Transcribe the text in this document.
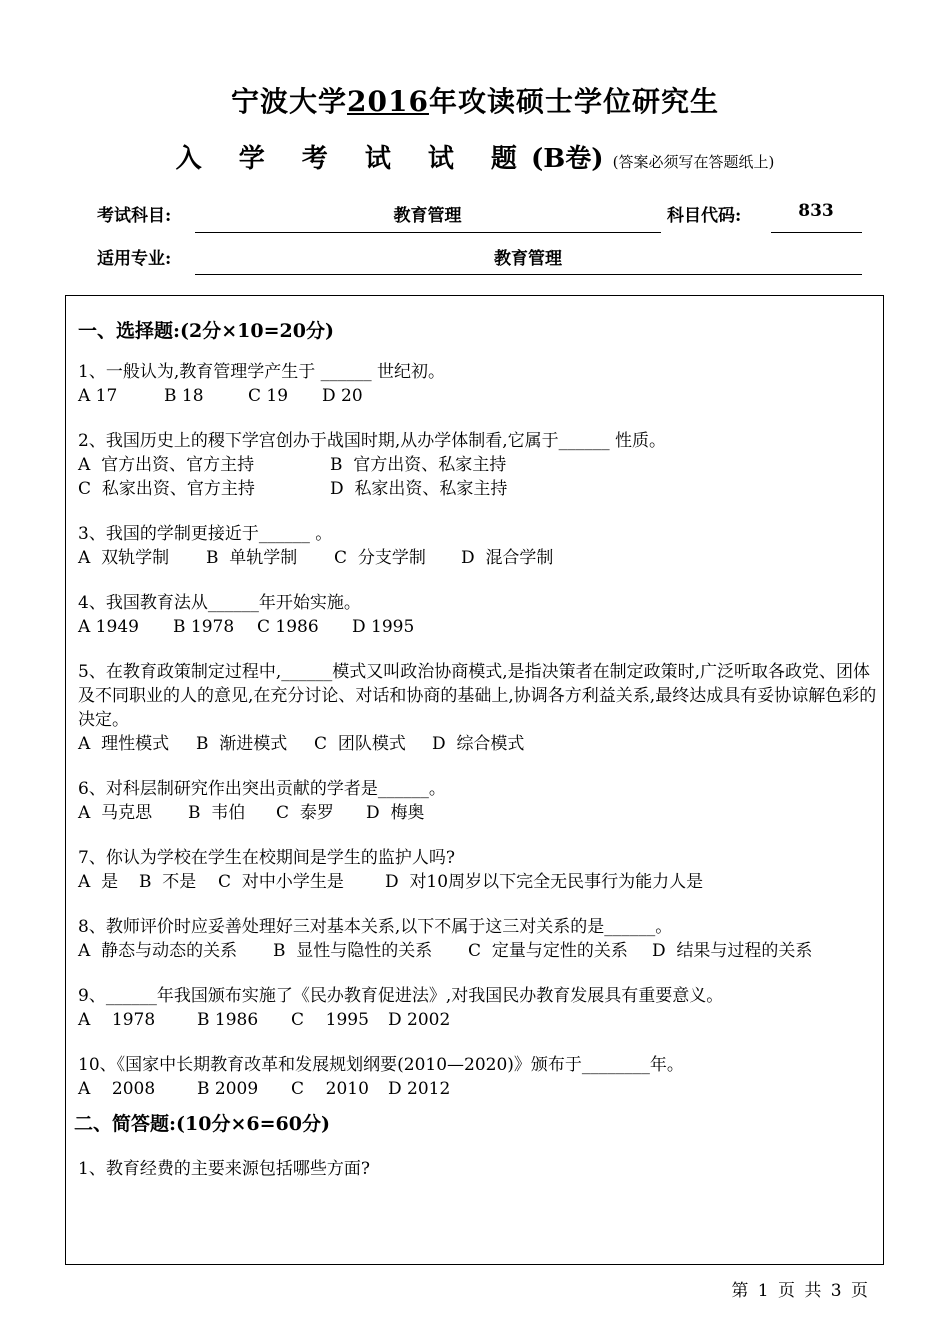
宁波大学2016年攻读硕士学位研究生
入 学 考 试 试 题(B卷) (答案必须写在答题纸上)
考试科目:	教育管理	科目代码:	833
适用专业:	教育管理
一、选择题:(2分×10=20分)
1、一般认为,教育管理学产生于 ______ 世纪初。
A 17	B 18	C 19 D 20
2、我国历史上的稷下学宫创办于战国时期,从办学体制看,它属于______ 性质。
A  官方出资、官方主持	B  官方出资、私家主持
C  私家出资、官方主持	D  私家出资、私家主持
3、我国的学制更接近于______ 。
A  双轨学制 B  单轨学制 C  分支学制 D  混合学制
4、我国教育法从______年开始实施。
A 1949 B 1978 C 1986 D 1995
5、在教育政策制定过程中,______模式又叫政治协商模式,是指决策者在制定政策时,广泛听取各政党、团体及不同职业的人的意见,在充分讨论、对话和协商的基础上,协调各方利益关系,最终达成具有妥协谅解色彩的决定。
A  理性模式 B  渐进模式 C  团队模式 D  综合模式
6、对科层制研究作出突出贡献的学者是______。
A  马克思 B  韦伯 C  泰罗 D  梅奥
7、你认为学校在学生在校期间是学生的监护人吗?
A  是 B  不是 C  对中小学生是 D  对10周岁以下完全无民事行为能力人是
8、教师评价时应妥善处理好三对基本关系,以下不属于这三对关系的是______。
A  静态与动态的关系 B  显性与隐性的关系 C  定量与定性的关系 D  结果与过程的关系
9、______年我国颁布实施了《民办教育促进法》,对我国民办教育发展具有重要意义。
A    1978 B 1986 C    1995 D 2002
10、《国家中长期教育改革和发展规划纲要(2010—2020)》颁布于________年。
A    2008 B 2009 C    2010 D 2012
二、简答题:(10分×6=60分)
1、教育经费的主要来源包括哪些方面?
第 1 页 共 3 页
